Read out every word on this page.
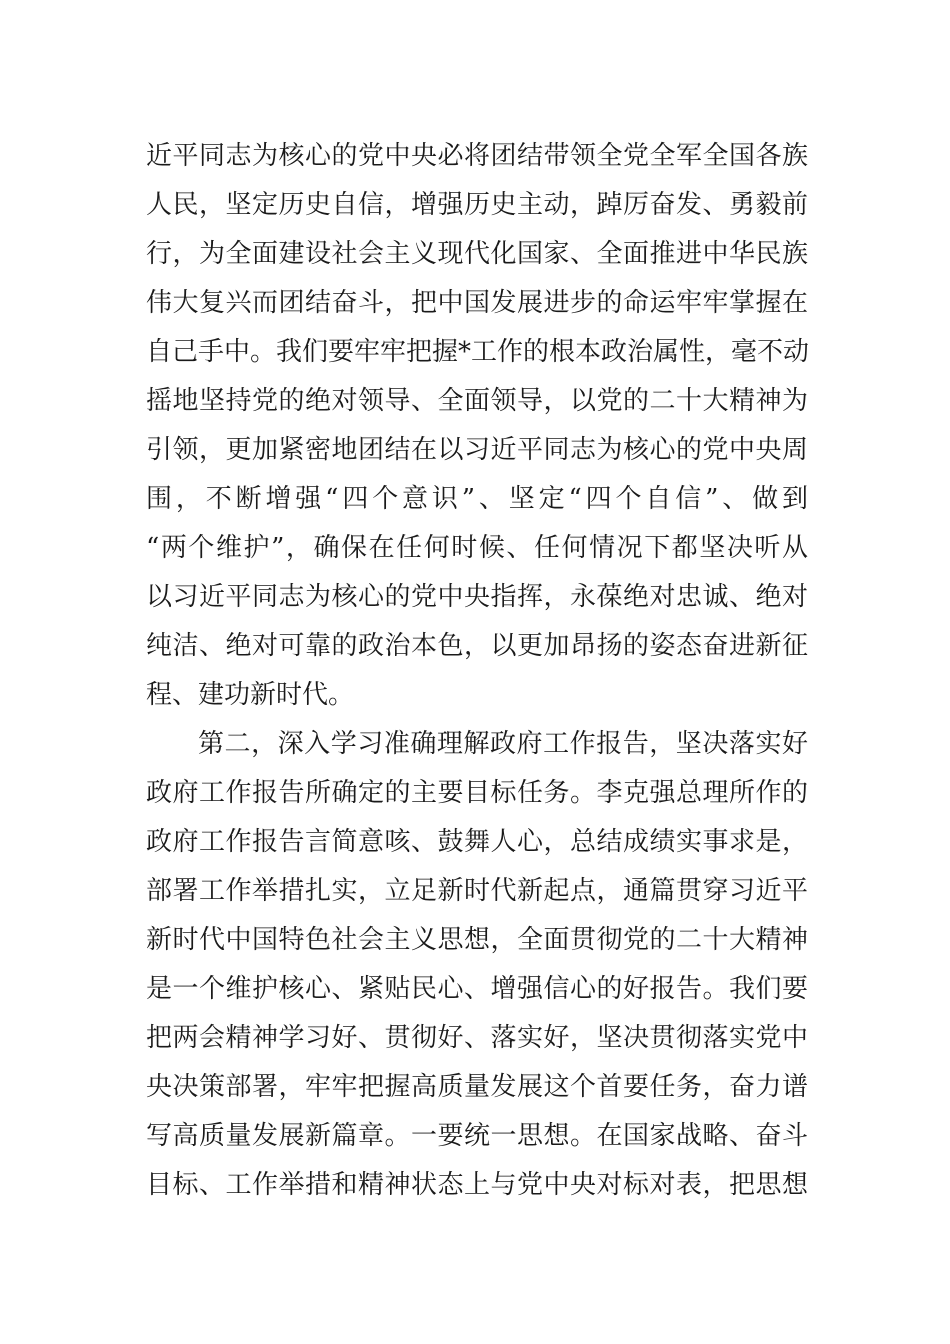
近平同志为核心的党中央必将团结带领全党全军全国各族
人民，坚定历史自信，增强历史主动，踔厉奋发、勇毅前
行，为全面建设社会主义现代化国家、全面推进中华民族
伟大复兴而团结奋斗，把中国发展进步的命运牢牢掌握在
自己手中。我们要牢牢把握*工作的根本政治属性，毫不动
摇地坚持党的绝对领导、全面领导，以党的二十大精神为
引领，更加紧密地团结在以习近平同志为核心的党中央周
围，不断增强“四个意识”、坚定“四个自信”、做到
“两个维护”，确保在任何时候、任何情况下都坚决听从
以习近平同志为核心的党中央指挥，永葆绝对忠诚、绝对
纯洁、绝对可靠的政治本色，以更加昂扬的姿态奋进新征
程、建功新时代。
第二，深入学习准确理解政府工作报告，坚决落实好
政府工作报告所确定的主要目标任务。李克强总理所作的
政府工作报告言简意咳、鼓舞人心，总结成绩实事求是，
部署工作举措扎实，立足新时代新起点，通篇贯穿习近平
新时代中国特色社会主义思想，全面贯彻党的二十大精神
是一个维护核心、紧贴民心、增强信心的好报告。我们要
把两会精神学习好、贯彻好、落实好，坚决贯彻落实党中
央决策部署，牢牢把握高质量发展这个首要任务，奋力谱
写高质量发展新篇章。一要统一思想。在国家战略、奋斗
目标、工作举措和精神状态上与党中央对标对表，把思想
